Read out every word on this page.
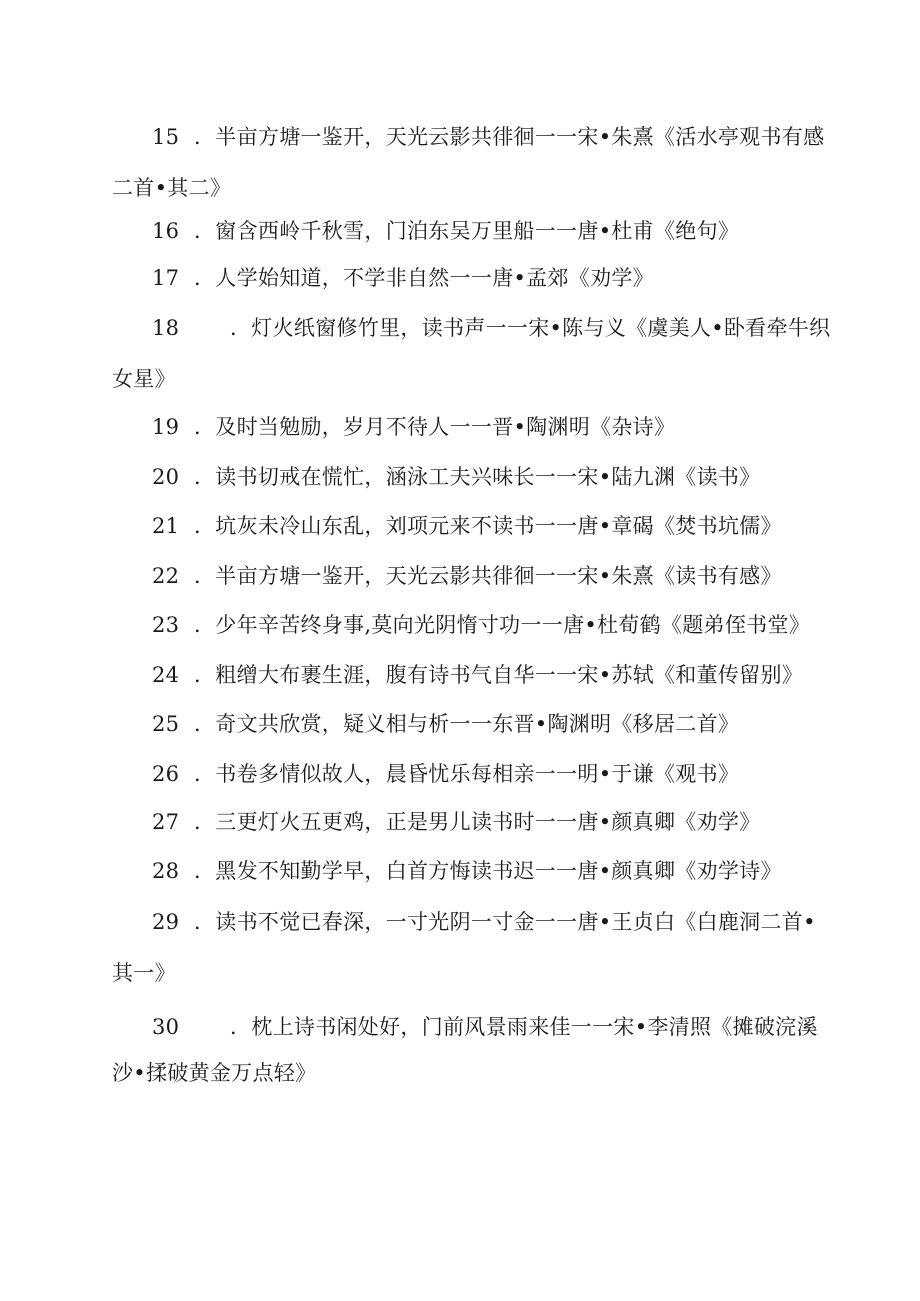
15 ．半亩方塘一鉴开，天光云影共徘徊一一宋•朱熹《活水亭观书有感
二首•其二》
16 ．窗含西岭千秋雪，门泊东吴万里船一一唐•杜甫《绝句》
17 ．人学始知道，不学非自然一一唐•孟郊《劝学》
18 ．灯火纸窗修竹里，读书声一一宋•陈与义《虞美人•卧看牵牛织
女星》
19 ．及时当勉励，岁月不待人一一晋•陶渊明《杂诗》
20 ．读书切戒在慌忙，涵泳工夫兴味长一一宋•陆九渊《读书》
21 ．坑灰未冷山东乱，刘项元来不读书一一唐•章碣《焚书坑儒》
22 ．半亩方塘一鉴开，天光云影共徘徊一一宋•朱熹《读书有感》
23 ．少年辛苦终身事,莫向光阴惰寸功一一唐•杜荀鹤《题弟侄书堂》
24 ．粗缯大布裹生涯，腹有诗书气自华一一宋•苏轼《和董传留别》
25 ．奇文共欣赏，疑义相与析一一东晋•陶渊明《移居二首》
26 ．书卷多情似故人，晨昏忧乐每相亲一一明•于谦《观书》
27 ．三更灯火五更鸡，正是男儿读书时一一唐•颜真卿《劝学》
28 ．黑发不知勤学早，白首方悔读书迟一一唐•颜真卿《劝学诗》
29 ．读书不觉已春深，一寸光阴一寸金一一唐•王贞白《白鹿洞二首•
其一》
30 ．枕上诗书闲处好，门前风景雨来佳一一宋•李清照《摊破浣溪
沙•揉破黄金万点轻》
